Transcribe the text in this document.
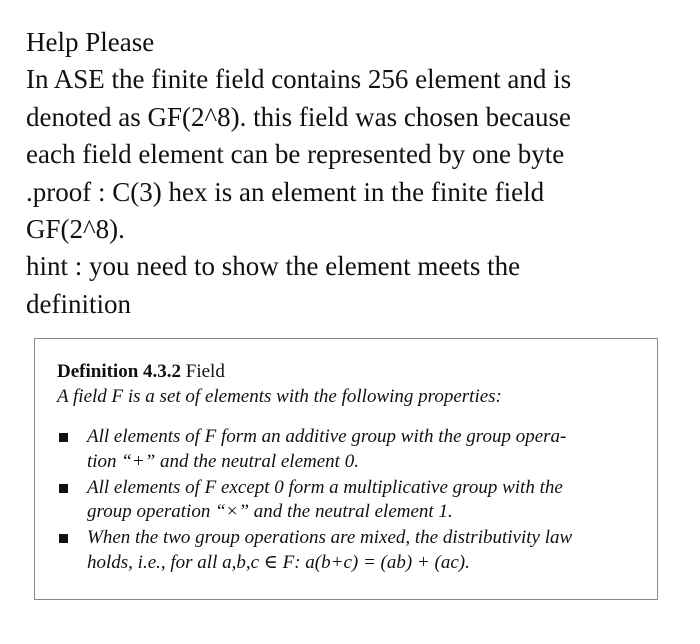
Help Please
In ASE the finite field contains 256 element and is
denoted as GF(2^8). this field was chosen because
each field element can be represented by one byte
.proof : C(3) hex is an element in the finite field
GF(2^8).
hint : you need to show the element meets the
definition
Definition 4.3.2 Field
A field F is a set of elements with the following properties:
All elements of F form an additive group with the group opera-
tion “+” and the neutral element 0.
All elements of F except 0 form a multiplicative group with the
group operation “×” and the neutral element 1.
When the two group operations are mixed, the distributivity law
holds, i.e., for all a,b,c ∈ F: a(b+c) = (ab) + (ac).
